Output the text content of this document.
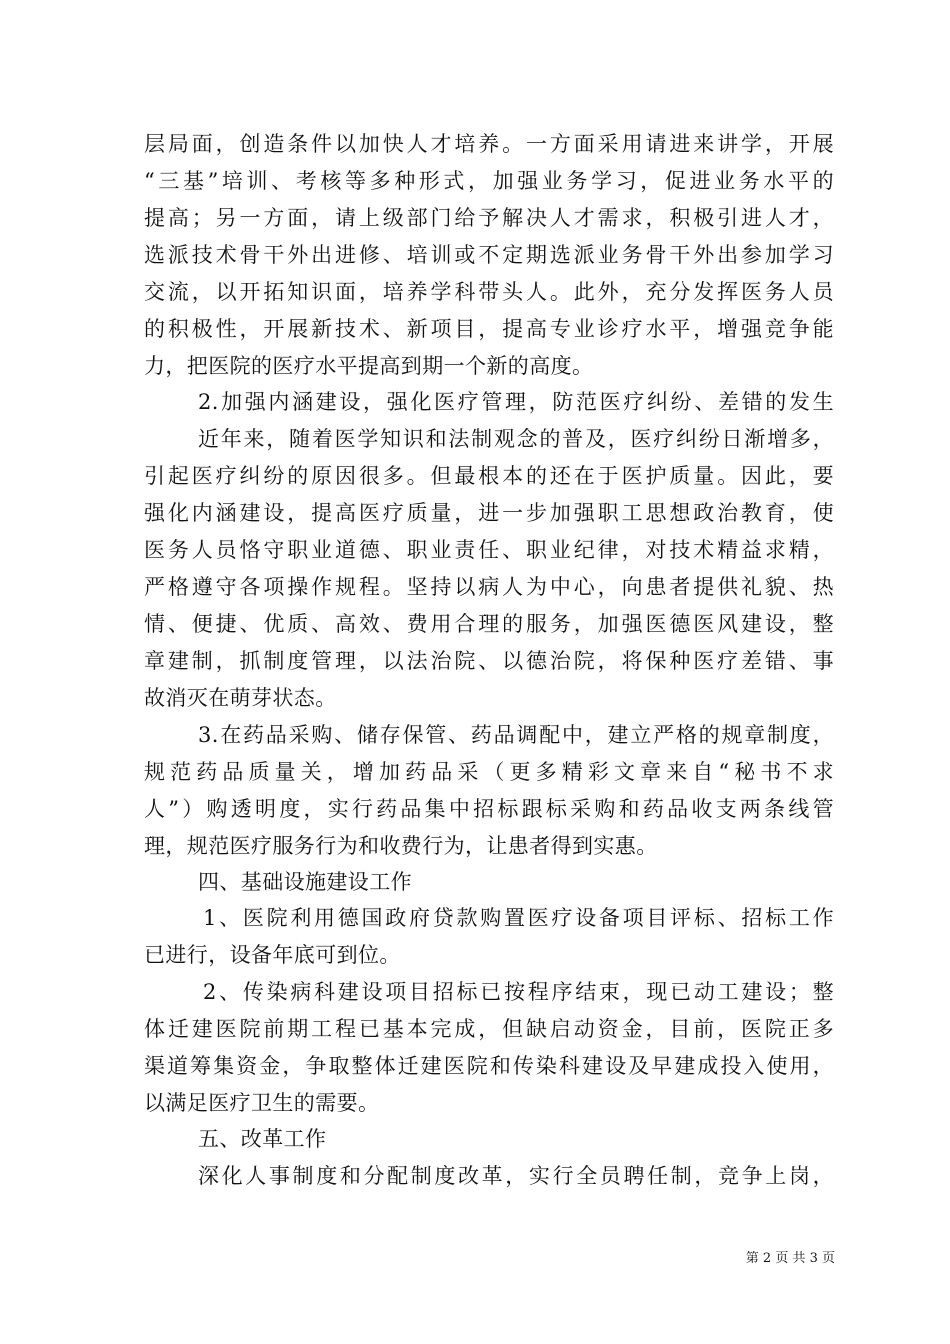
层局面，创造条件以加快人才培养。一方面采用请进来讲学，开展
“三基”培训、考核等多种形式，加强业务学习，促进业务水平的
提高；另一方面，请上级部门给予解决人才需求，积极引进人才，
选派技术骨干外出进修、培训或不定期选派业务骨干外出参加学习
交流，以开拓知识面，培养学科带头人。此外，充分发挥医务人员
的积极性，开展新技术、新项目，提高专业诊疗水平，增强竞争能
力，把医院的医疗水平提高到期一个新的高度。
2.加强内涵建设，强化医疗管理，防范医疗纠纷、差错的发生
近年来，随着医学知识和法制观念的普及，医疗纠纷日渐增多，
引起医疗纠纷的原因很多。但最根本的还在于医护质量。因此，要
强化内涵建设，提高医疗质量，进一步加强职工思想政治教育，使
医务人员恪守职业道德、职业责任、职业纪律，对技术精益求精，
严格遵守各项操作规程。坚持以病人为中心，向患者提供礼貌、热
情、便捷、优质、高效、费用合理的服务，加强医德医风建设，整
章建制，抓制度管理，以法治院、以德治院，将保种医疗差错、事
故消灭在萌芽状态。
3.在药品采购、储存保管、药品调配中，建立严格的规章制度，
规范药品质量关，增加药品采（更多精彩文章来自“秘书不求
人”）购透明度，实行药品集中招标跟标采购和药品收支两条线管
理，规范医疗服务行为和收费行为，让患者得到实惠。
四、基础设施建设工作
1、医院利用德国政府贷款购置医疗设备项目评标、招标工作
已进行，设备年底可到位。
2、传染病科建设项目招标已按程序结束，现已动工建设；整
体迁建医院前期工程已基本完成，但缺启动资金，目前，医院正多
渠道筹集资金，争取整体迁建医院和传染科建设及早建成投入使用，
以满足医疗卫生的需要。
五、改革工作
深化人事制度和分配制度改革，实行全员聘任制，竞争上岗，
第 2 页 共 3 页
